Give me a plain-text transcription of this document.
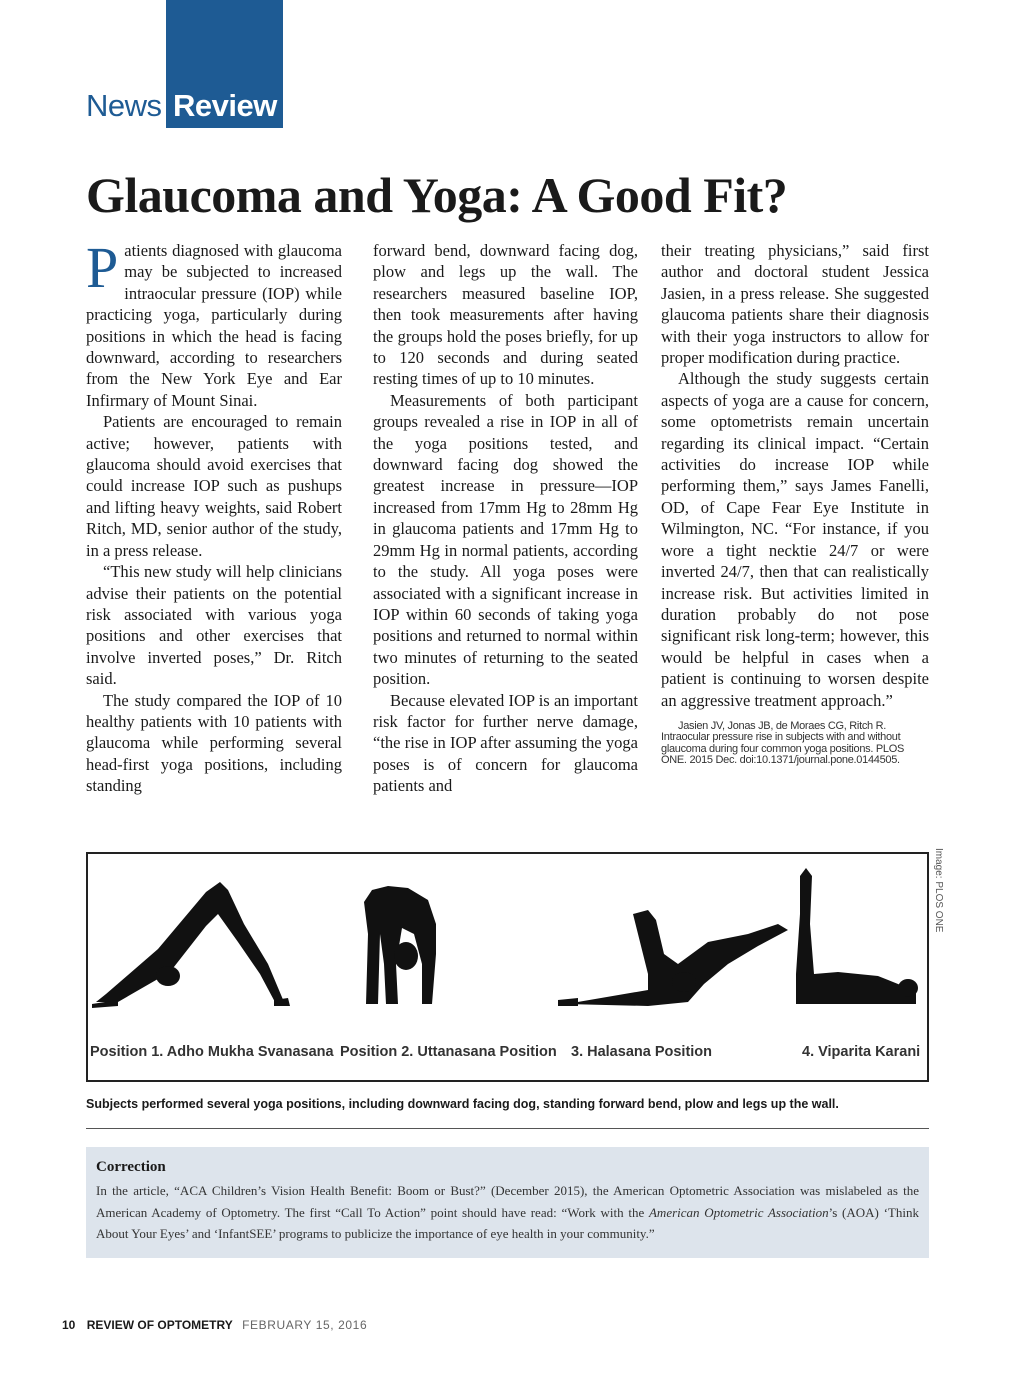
News Review
Glaucoma and Yoga: A Good Fit?

Patients diagnosed with glaucoma may be subjected to increased intraocular pressure (IOP) while practicing yoga, particularly during positions in which the head is facing downward, according to researchers from the New York Eye and Ear Infirmary of Mount Sinai.

Patients are encouraged to remain active; however, patients with glaucoma should avoid exercises that could increase IOP such as pushups and lifting heavy weights, said Robert Ritch, MD, senior author of the study, in a press release.

“This new study will help clinicians advise their patients on the potential risk associated with various yoga positions and other exercises that involve inverted poses,” Dr. Ritch said.

The study compared the IOP of 10 healthy patients with 10 patients with glaucoma while performing several head-first yoga positions, including standing

forward bend, downward facing dog, plow and legs up the wall. The researchers measured baseline IOP, then took measurements after having the groups hold the poses briefly, for up to 120 seconds and during seated resting times of up to 10 minutes.

Measurements of both participant groups revealed a rise in IOP in all of the yoga positions tested, and downward facing dog showed the greatest increase in pressure—IOP increased from 17mm Hg to 28mm Hg in glaucoma patients and 17mm Hg to 29mm Hg in normal patients, according to the study. All yoga poses were associated with a significant increase in IOP within 60 seconds of taking yoga positions and returned to normal within two minutes of returning to the seated position.

Because elevated IOP is an important risk factor for further nerve damage, “the rise in IOP after assuming the yoga poses is of concern for glaucoma patients and

their treating physicians,” said first author and doctoral student Jessica Jasien, in a press release. She suggested glaucoma patients share their diagnosis with their yoga instructors to allow for proper modification during practice.

Although the study suggests certain aspects of yoga are a cause for concern, some optometrists remain uncertain regarding its clinical impact. “Certain activities do increase IOP while performing them,” says James Fanelli, OD, of Cape Fear Eye Institute in Wilmington, NC. “For instance, if you wore a tight necktie 24/7 or were inverted 24/7, then that can realistically increase risk. But activities limited in duration probably do not pose significant risk long-term; however, this would be helpful in cases when a patient is continuing to worsen despite an aggressive treatment approach.”

Jasien JV, Jonas JB, de Moraes CG, Ritch R. Intraocular pressure rise in subjects with and without glaucoma during four common yoga positions. PLOS ONE. 2015 Dec. doi:10.1371/journal.pone.0144505.

Position 1. Adho Mukha Svanasana Position 2. Uttanasana Position 3. Halasana Position	4. Viparita Karani
Image: PLOS ONE
Subjects performed several yoga positions, including downward facing dog, standing forward bend, plow and legs up the wall.
Correction
In the article, “ACA Children’s Vision Health Benefit: Boom or Bust?” (December 2015), the American Optometric Association was mislabeled as the American Academy of Optometry. The first “Call To Action” point should have read: “Work with the American Optometric Association’s (AOA) ‘Think About Your Eyes’ and ‘InfantSEE’ programs to publicize the importance of eye health in your community.”
10 REVIEW OF OPTOMETRY FEBRUARY 15, 2016
